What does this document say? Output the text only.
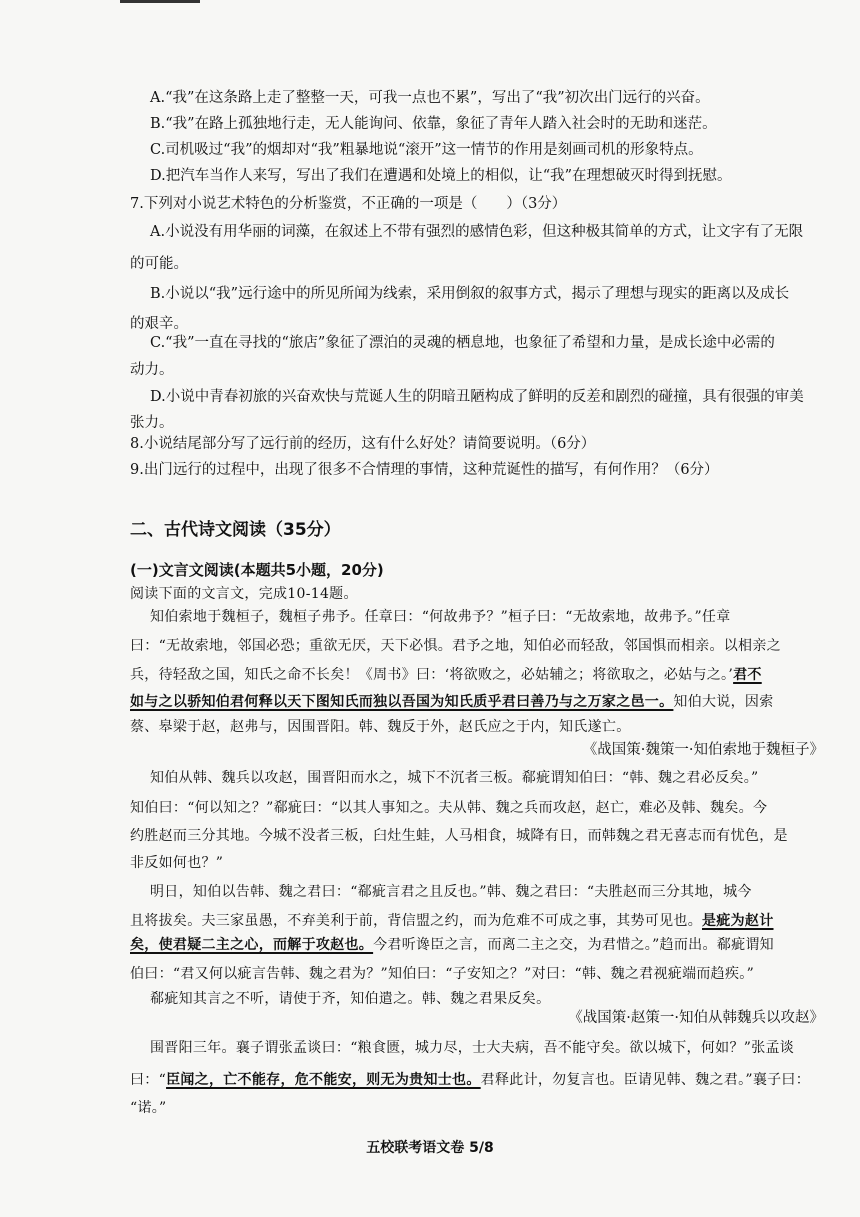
A.“我”在这条路上走了整整一天，可我一点也不累”，写出了“我”初次出门远行的兴奋。
B.“我”在路上孤独地行走，无人能询问、依靠，象征了青年人踏入社会时的无助和迷茫。
C.司机吸过“我”的烟却对“我”粗暴地说“滚开”这一情节的作用是刻画司机的形象特点。
D.把汽车当作人来写，写出了我们在遭遇和处境上的相似，让“我”在理想破灭时得到抚慰。
7.下列对小说艺术特色的分析鉴赏，不正确的一项是（　　）（3分）
A.小说没有用华丽的词藻，在叙述上不带有强烈的感情色彩，但这种极其简单的方式，让文字有了无限
的可能。
B.小说以“我”远行途中的所见所闻为线索，采用倒叙的叙事方式，揭示了理想与现实的距离以及成长
的艰辛。
C.“我”一直在寻找的“旅店”象征了漂泊的灵魂的栖息地，也象征了希望和力量，是成长途中必需的
动力。
D.小说中青春初旅的兴奋欢快与荒诞人生的阴暗丑陋构成了鲜明的反差和剧烈的碰撞，具有很强的审美
张力。
8.小说结尾部分写了远行前的经历，这有什么好处？请简要说明。（6分）
9.出门远行的过程中，出现了很多不合情理的事情，这种荒诞性的描写，有何作用？（6分）
二、古代诗文阅读（35分）
(一)文言文阅读(本题共5小题，20分)
阅读下面的文言文，完成10-14题。
知伯索地于魏桓子，魏桓子弗予。任章曰：“何故弗予？”桓子曰：“无故索地，故弗予。”任章
曰：“无故索地，邻国必恐；重欲无厌，天下必惧。君予之地，知伯必而轻敌，邻国惧而相亲。以相亲之
兵，待轻敌之国，知氏之命不长矣！《周书》曰：‘将欲败之，必姑辅之；将欲取之，必姑与之。’君不
如与之以骄知伯君何释以天下图知氏而独以吾国为知氏质乎君曰善乃与之万家之邑一。知伯大说，因索
蔡、皋梁于赵，赵弗与，因围晋阳。韩、魏反于外，赵氏应之于内，知氏遂亡。
《战国策·魏策一·知伯索地于魏桓子》
知伯从韩、魏兵以攻赵，围晋阳而水之，城下不沉者三板。郗疵谓知伯曰：“韩、魏之君必反矣。”
知伯曰：“何以知之？”郗疵曰：“以其人事知之。夫从韩、魏之兵而攻赵，赵亡，难必及韩、魏矣。今
约胜赵而三分其地。今城不没者三板，臼灶生蛙，人马相食，城降有日，而韩魏之君无喜志而有忧色，是
非反如何也？”
明日，知伯以告韩、魏之君曰：“郗疵言君之且反也。”韩、魏之君曰：“夫胜赵而三分其地，城今
且将拔矣。夫三家虽愚，不弃美利于前，背信盟之约，而为危难不可成之事，其势可见也。是疵为赵计
矣，使君疑二主之心，而解于攻赵也。今君听谗臣之言，而离二主之交，为君惜之。”趋而出。郗疵谓知
伯曰：“君又何以疵言告韩、魏之君为？”知伯曰：“子安知之？”对曰：“韩、魏之君视疵端而趋疾。”
郗疵知其言之不听，请使于齐，知伯遣之。韩、魏之君果反矣。
《战国策·赵策一·知伯从韩魏兵以攻赵》
围晋阳三年。襄子谓张孟谈曰：“粮食匮，城力尽，士大夫病，吾不能守矣。欲以城下，何如？”张孟谈
曰：“臣闻之，亡不能存，危不能安，则无为贵知士也。君释此计，勿复言也。臣请见韩、魏之君。”襄子曰：
“诺。”
五校联考语文卷 5/8
